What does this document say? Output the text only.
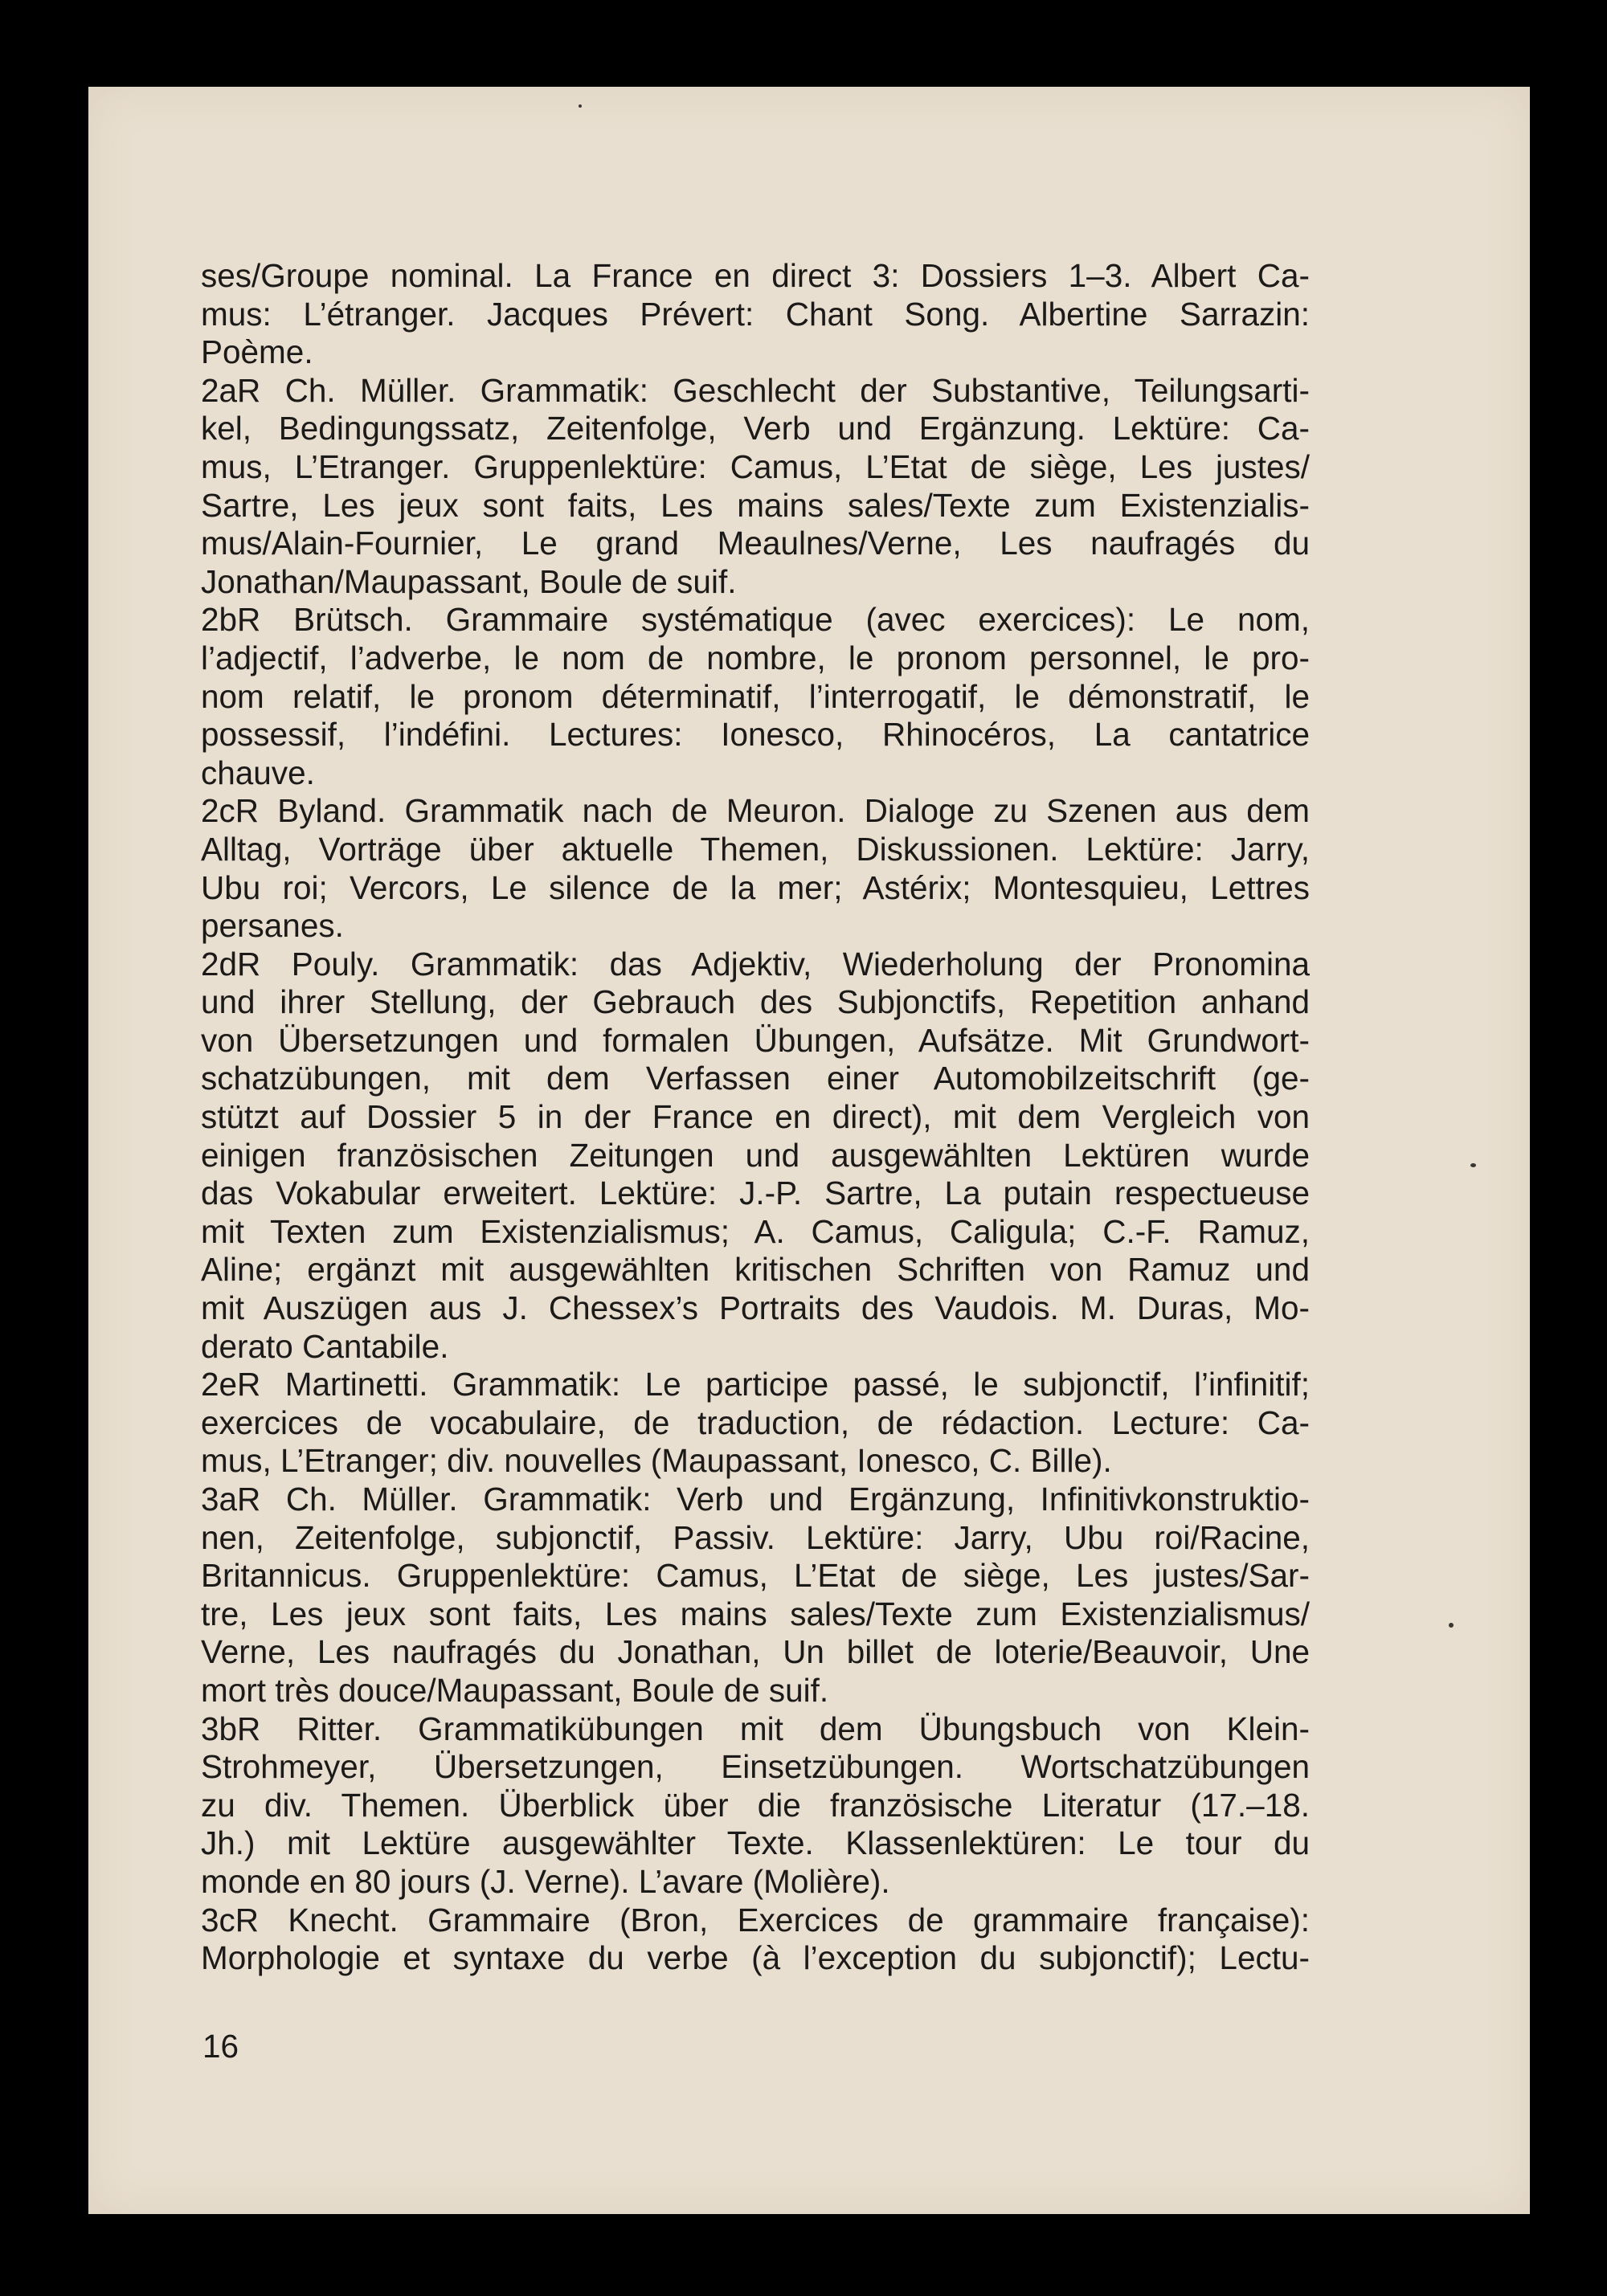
ses/Groupe nominal. La France en direct 3: Dossiers 1–3. Albert Ca-
mus: L’étranger. Jacques Prévert: Chant Song. Albertine Sarrazin:
Poème.
2aR Ch. Müller. Grammatik: Geschlecht der Substantive, Teilungsarti-
kel, Bedingungssatz, Zeitenfolge, Verb und Ergänzung. Lektüre: Ca-
mus, L’Etranger. Gruppenlektüre: Camus, L’Etat de siège, Les justes/
Sartre, Les jeux sont faits, Les mains sales/Texte zum Existenzialis-
mus/Alain-Fournier, Le grand Meaulnes/Verne, Les naufragés du
Jonathan/Maupassant, Boule de suif.
2bR Brütsch. Grammaire systématique (avec exercices): Le nom,
l’adjectif, l’adverbe, le nom de nombre, le pronom personnel, le pro-
nom relatif, le pronom déterminatif, l’interrogatif, le démonstratif, le
possessif, l’indéfini. Lectures: Ionesco, Rhinocéros, La cantatrice
chauve.
2cR Byland. Grammatik nach de Meuron. Dialoge zu Szenen aus dem
Alltag, Vorträge über aktuelle Themen, Diskussionen. Lektüre: Jarry,
Ubu roi; Vercors, Le silence de la mer; Astérix; Montesquieu, Lettres
persanes.
2dR Pouly. Grammatik: das Adjektiv, Wiederholung der Pronomina
und ihrer Stellung, der Gebrauch des Subjonctifs, Repetition anhand
von Übersetzungen und formalen Übungen, Aufsätze. Mit Grundwort-
schatzübungen, mit dem Verfassen einer Automobilzeitschrift (ge-
stützt auf Dossier 5 in der France en direct), mit dem Vergleich von
einigen französischen Zeitungen und ausgewählten Lektüren wurde
das Vokabular erweitert. Lektüre: J.-P. Sartre, La putain respectueuse
mit Texten zum Existenzialismus; A. Camus, Caligula; C.-F. Ramuz,
Aline; ergänzt mit ausgewählten kritischen Schriften von Ramuz und
mit Auszügen aus J. Chessex’s Portraits des Vaudois. M. Duras, Mo-
derato Cantabile.
2eR Martinetti. Grammatik: Le participe passé, le subjonctif, l’infinitif;
exercices de vocabulaire, de traduction, de rédaction. Lecture: Ca-
mus, L’Etranger; div. nouvelles (Maupassant, Ionesco, C. Bille).
3aR Ch. Müller. Grammatik: Verb und Ergänzung, Infinitivkonstruktio-
nen, Zeitenfolge, subjonctif, Passiv. Lektüre: Jarry, Ubu roi/Racine,
Britannicus. Gruppenlektüre: Camus, L’Etat de siège, Les justes/Sar-
tre, Les jeux sont faits, Les mains sales/Texte zum Existenzialismus/
Verne, Les naufragés du Jonathan, Un billet de loterie/Beauvoir, Une
mort très douce/Maupassant, Boule de suif.
3bR Ritter. Grammatikübungen mit dem Übungsbuch von Klein-
Strohmeyer, Übersetzungen, Einsetzübungen. Wortschatzübungen
zu div. Themen. Überblick über die französische Literatur (17.–18.
Jh.) mit Lektüre ausgewählter Texte. Klassenlektüren: Le tour du
monde en 80 jours (J. Verne). L’avare (Molière).
3cR Knecht. Grammaire (Bron, Exercices de grammaire française):
Morphologie et syntaxe du verbe (à l’exception du subjonctif); Lectu-
16
